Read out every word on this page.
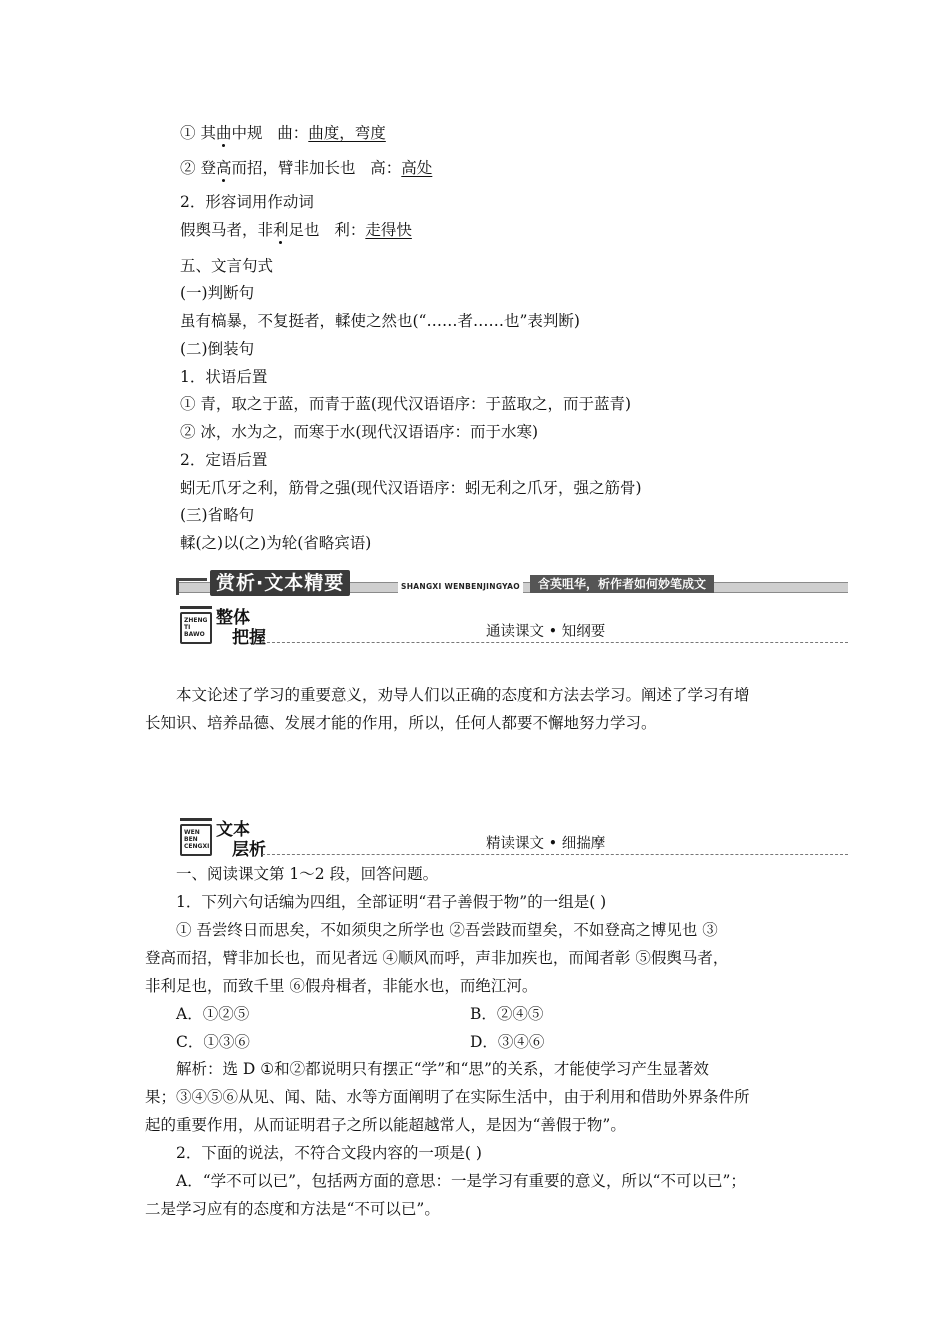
① 其曲中规 曲：曲度，弯度
② 登高而招，臂非加长也 高：高处
2．形容词用作动词
假舆马者，非利足也 利：走得快
五、文言句式
(一)判断句
虽有槁暴，不复挺者，輮使之然也(“……者……也”表判断)
(二)倒装句
1．状语后置
① 青，取之于蓝，而青于蓝(现代汉语语序：于蓝取之，而于蓝青)
② 冰，水为之，而寒于水(现代汉语语序：而于水寒)
2．定语后置
蚓无爪牙之利，筋骨之强(现代汉语语序：蚓无利之爪牙，强之筋骨)
(三)省略句
輮(之)以(之)为轮(省略宾语)
赏析·文本精要	SHANGXI WENBENJINGYAO	含英咀华，析作者如何妙笔成文
ZHENG
TI
BAWO
整体
把握	通读课文 • 知纲要
本文论述了学习的重要意义，劝导人们以正确的态度和方法去学习。阐述了学习有增
长知识、培养品德、发展才能的作用，所以，任何人都要不懈地努力学习。
WEN
BEN
CENGXI
文本
层析	精读课文 • 细揣摩
一、阅读课文第 1～2 段，回答问题。
1．下列六句话编为四组，全部证明“君子善假于物”的一组是( )
① 吾尝终日而思矣，不如须臾之所学也 ②吾尝跂而望矣，不如登高之博见也 ③
登高而招，臂非加长也，而见者远 ④顺风而呼，声非加疾也，而闻者彰 ⑤假舆马者，
非利足也，而致千里 ⑥假舟楫者，非能水也，而绝江河。
A．①②⑤	B．②④⑤
C．①③⑥	D．③④⑥
解析：选 D ①和②都说明只有摆正“学”和“思”的关系，才能使学习产生显著效
果；③④⑤⑥从见、闻、陆、水等方面阐明了在实际生活中，由于利用和借助外界条件所
起的重要作用，从而证明君子之所以能超越常人，是因为“善假于物”。
2．下面的说法，不符合文段内容的一项是( )
A．“学不可以已”，包括两方面的意思：一是学习有重要的意义，所以“不可以已”；
二是学习应有的态度和方法是“不可以已”。
